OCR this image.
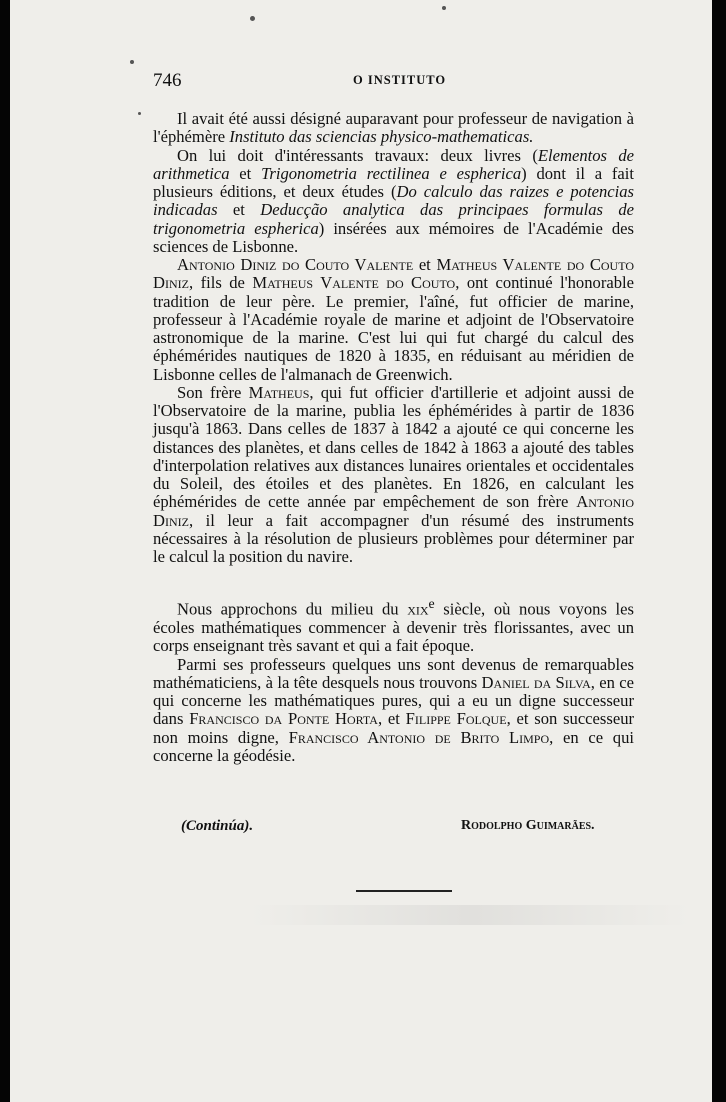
746	O INSTITUTO

Il avait été aussi désigné auparavant pour professeur de navigation à l'éphémère Instituto das sciencias physico-mathematicas.

On lui doit d'intéressants travaux: deux livres (Elementos de arithmetica et Trigonometria rectilinea e espherica) dont il a fait plusieurs éditions, et deux études (Do calculo das raizes e potencias indicadas et Deducção analytica das principaes formulas de trigonometria espherica) insérées aux mémoires de l'Académie des sciences de Lisbonne.

Antonio Diniz do Couto Valente et Matheus Valente do Couto Diniz, fils de Matheus Valente do Couto, ont continué l'honorable tradition de leur père. Le premier, l'aîné, fut officier de marine, professeur à l'Académie royale de marine et adjoint de l'Observatoire astronomique de la marine. C'est lui qui fut chargé du calcul des éphémérides nautiques de 1820 à 1835, en réduisant au méridien de Lisbonne celles de l'almanach de Greenwich.

Son frère Matheus, qui fut officier d'artillerie et adjoint aussi de l'Observatoire de la marine, publia les éphémérides à partir de 1836 jusqu'à 1863. Dans celles de 1837 à 1842 a ajouté ce qui concerne les distances des planètes, et dans celles de 1842 à 1863 a ajouté des tables d'interpolation relatives aux distances lunaires orientales et occidentales du Soleil, des étoiles et des planètes. En 1826, en calculant les éphémérides de cette année par empêchement de son frère Antonio Diniz, il leur a fait accompagner d'un résumé des instruments nécessaires à la résolution de plusieurs problèmes pour déterminer par le calcul la position du navire.

Nous approchons du milieu du xix$^e$ siècle, où nous voyons les écoles mathématiques commencer à devenir très florissantes, avec un corps enseignant très savant et qui a fait époque.

Parmi ses professeurs quelques uns sont devenus de remarquables mathématiciens, à la tête desquels nous trouvons Daniel da Silva, en ce qui concerne les mathématiques pures, qui a eu un digne successeur dans Francisco da Ponte Horta, et Filippe Folque, et son successeur non moins digne, Francisco Antonio de Brito Limpo, en ce qui concerne la géodésie.

(Continúa).	Rodolpho Guimarães.
